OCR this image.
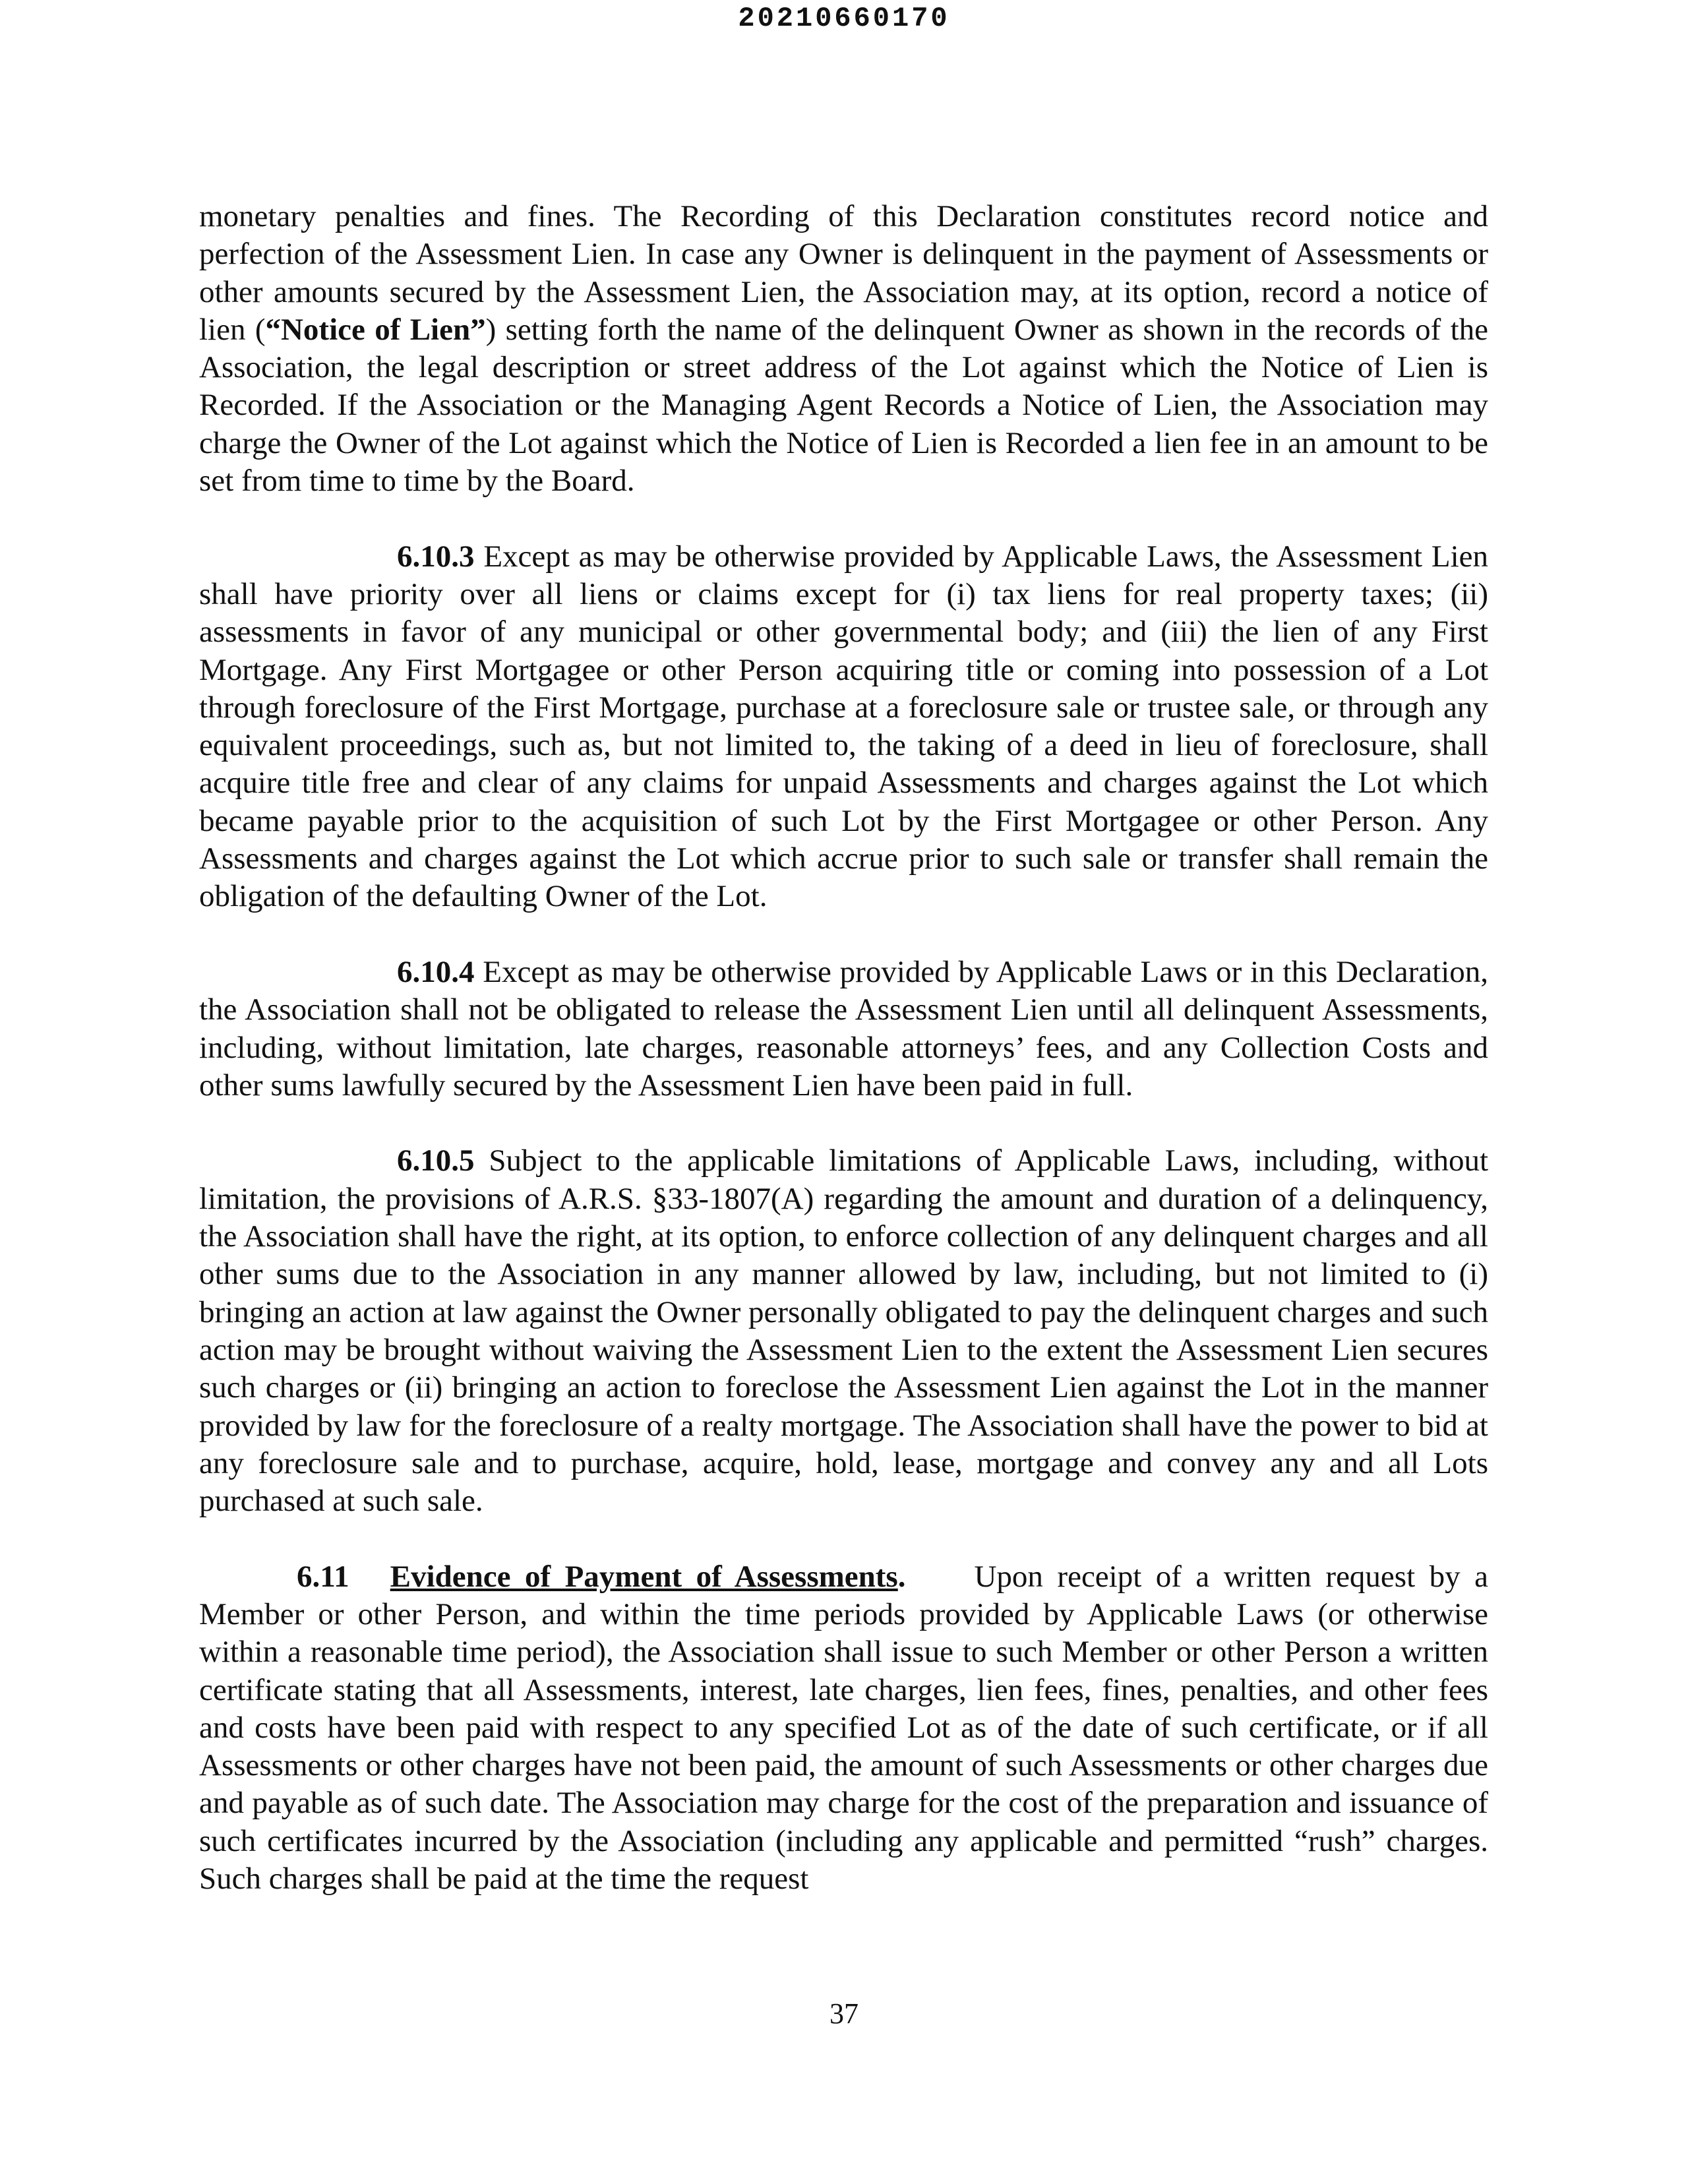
20210660170

monetary penalties and fines. The Recording of this Declaration constitutes record notice and perfection of the Assessment Lien. In case any Owner is delinquent in the payment of Assessments or other amounts secured by the Assessment Lien, the Association may, at its option, record a notice of lien (“Notice of Lien”) setting forth the name of the delinquent Owner as shown in the records of the Association, the legal description or street address of the Lot against which the Notice of Lien is Recorded. If the Association or the Managing Agent Records a Notice of Lien, the Association may charge the Owner of the Lot against which the Notice of Lien is Recorded a lien fee in an amount to be set from time to time by the Board.

6.10.3 Except as may be otherwise provided by Applicable Laws, the Assessment Lien shall have priority over all liens or claims except for (i) tax liens for real property taxes; (ii) assessments in favor of any municipal or other governmental body; and (iii) the lien of any First Mortgage. Any First Mortgagee or other Person acquiring title or coming into possession of a Lot through foreclosure of the First Mortgage, purchase at a foreclosure sale or trustee sale, or through any equivalent proceedings, such as, but not limited to, the taking of a deed in lieu of foreclosure, shall acquire title free and clear of any claims for unpaid Assessments and charges against the Lot which became payable prior to the acquisition of such Lot by the First Mortgagee or other Person. Any Assessments and charges against the Lot which accrue prior to such sale or transfer shall remain the obligation of the defaulting Owner of the Lot.

6.10.4 Except as may be otherwise provided by Applicable Laws or in this Declaration, the Association shall not be obligated to release the Assessment Lien until all delinquent Assessments, including, without limitation, late charges, reasonable attorneys’ fees, and any Collection Costs and other sums lawfully secured by the Assessment Lien have been paid in full.

6.10.5 Subject to the applicable limitations of Applicable Laws, including, without limitation, the provisions of A.R.S. §33-1807(A) regarding the amount and duration of a delinquency, the Association shall have the right, at its option, to enforce collection of any delinquent charges and all other sums due to the Association in any manner allowed by law, including, but not limited to (i) bringing an action at law against the Owner personally obligated to pay the delinquent charges and such action may be brought without waiving the Assessment Lien to the extent the Assessment Lien secures such charges or (ii) bringing an action to foreclose the Assessment Lien against the Lot in the manner provided by law for the foreclosure of a realty mortgage. The Association shall have the power to bid at any foreclosure sale and to purchase, acquire, hold, lease, mortgage and convey any and all Lots purchased at such sale.

6.11 Evidence of Payment of Assessments. Upon receipt of a written request by a Member or other Person, and within the time periods provided by Applicable Laws (or otherwise within a reasonable time period), the Association shall issue to such Member or other Person a written certificate stating that all Assessments, interest, late charges, lien fees, fines, penalties, and other fees and costs have been paid with respect to any specified Lot as of the date of such certificate, or if all Assessments or other charges have not been paid, the amount of such Assessments or other charges due and payable as of such date. The Association may charge for the cost of the preparation and issuance of such certificates incurred by the Association (including any applicable and permitted “rush” charges. Such charges shall be paid at the time the request

37
